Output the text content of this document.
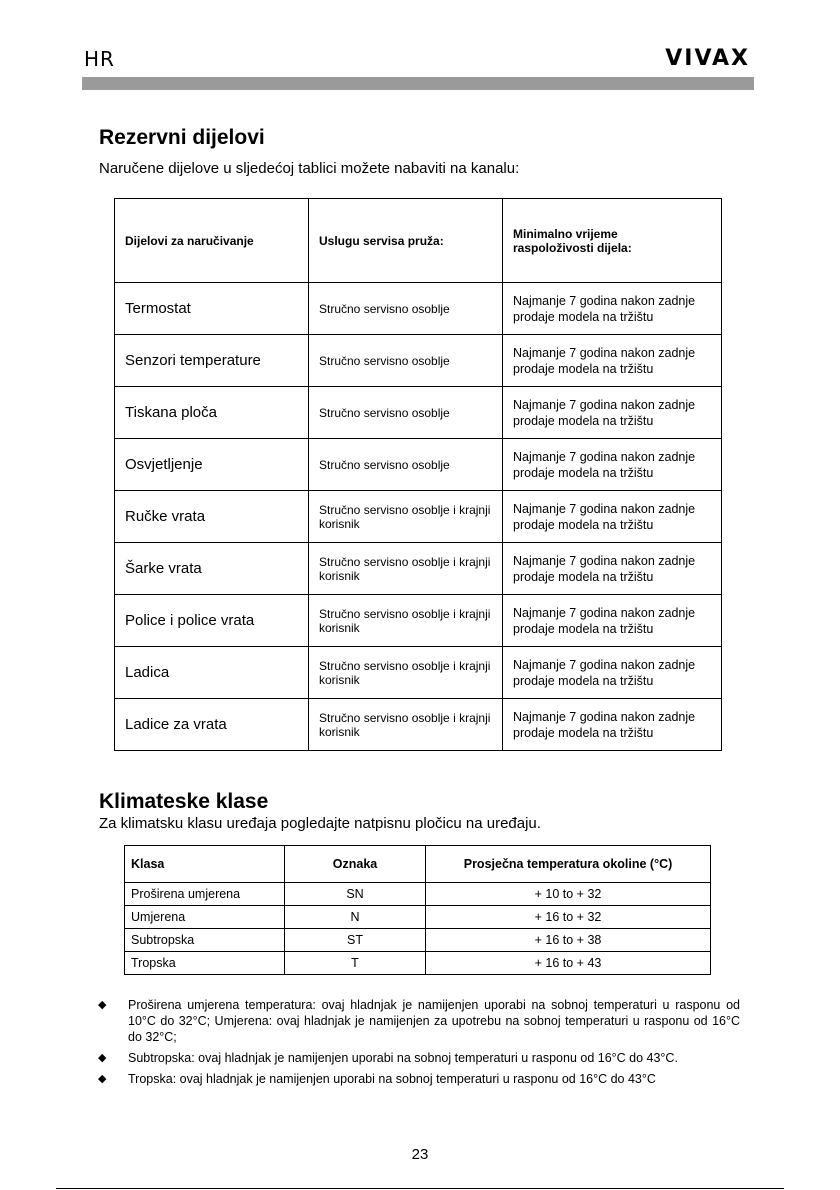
HR	VIVAX
Rezervni dijelovi

Naručene dijelove u sljedećoj tablici možete nabaviti na kanalu:

Dijelovi za naručivanje	Uslugu servisa pruža:	Minimalno vrijeme
raspoloživosti dijela:

Termostat	Stručno servisno osoblje	Najmanje 7 godina nakon zadnje prodaje modela na tržištu
Senzori temperature	Stručno servisno osoblje	Najmanje 7 godina nakon zadnje prodaje modela na tržištu
Tiskana ploča	Stručno servisno osoblje	Najmanje 7 godina nakon zadnje prodaje modela na tržištu
Osvjetljenje	Stručno servisno osoblje	Najmanje 7 godina nakon zadnje prodaje modela na tržištu
Ručke vrata	Stručno servisno osoblje i krajnji korisnik	Najmanje 7 godina nakon zadnje prodaje modela na tržištu
Šarke vrata	Stručno servisno osoblje i krajnji korisnik	Najmanje 7 godina nakon zadnje prodaje modela na tržištu
Police i police vrata	Stručno servisno osoblje i krajnji korisnik	Najmanje 7 godina nakon zadnje prodaje modela na tržištu
Ladica	Stručno servisno osoblje i krajnji korisnik	Najmanje 7 godina nakon zadnje prodaje modela na tržištu
Ladice za vrata	Stručno servisno osoblje i krajnji korisnik	Najmanje 7 godina nakon zadnje prodaje modela na tržištu
Klimateske klase

Za klimatsku klasu uređaja pogledajte natpisnu pločicu na uređaju.

Klasa	Oznaka	Prosječna temperatura okoline (°C)
Proširena umjerena	SN	+ 10 to + 32
Umjerena	N	+ 16 to + 32
Subtropska	ST	+ 16 to + 38
Tropska	T	+ 16 to + 43
◆ Proširena umjerena temperatura: ovaj hladnjak je namijenjen uporabi na sobnoj temperaturi u rasponu od 10°C do 32°C; Umjerena: ovaj hladnjak je namijenjen za upotrebu na sobnoj temperaturi u rasponu od 16°C do 32°C;
◆ Subtropska: ovaj hladnjak je namijenjen uporabi na sobnoj temperaturi u rasponu od 16°C do 43°C.
◆ Tropska: ovaj hladnjak je namijenjen uporabi na sobnoj temperaturi u rasponu od 16°C do 43°C
23
